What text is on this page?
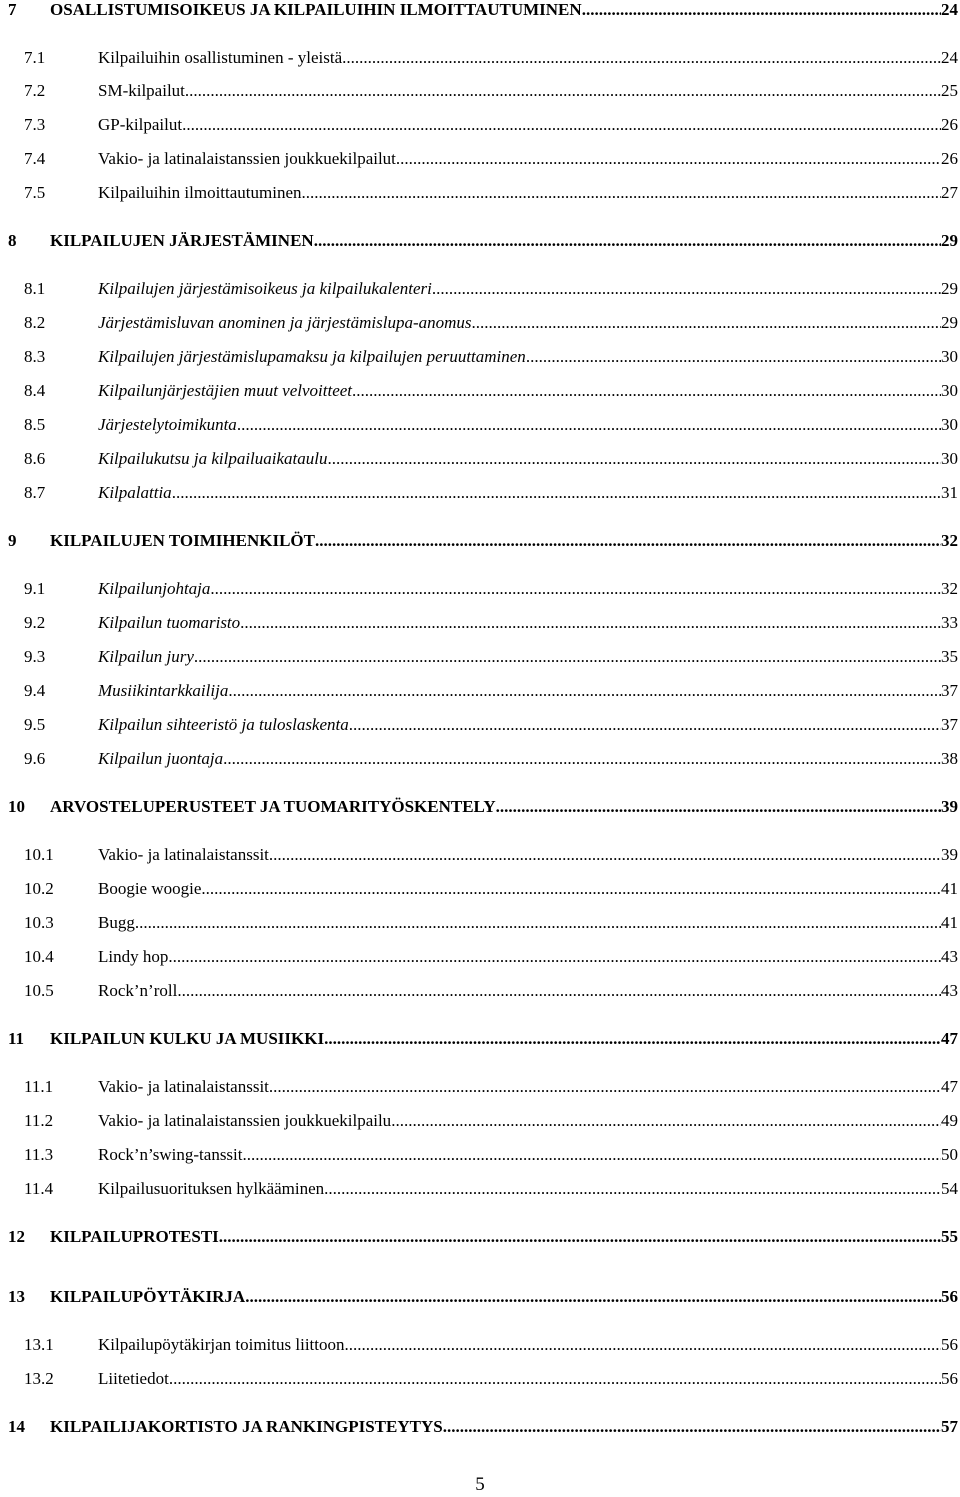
7	OSALLISTUMISOIKEUS JA KILPAILUIHIN ILMOITTAUTUMINEN .....	24
7.1	Kilpailuihin osallistuminen - yleistä .....	24
7.2	SM-kilpailut .....	25
7.3	GP-kilpailut .....	26
7.4	Vakio- ja latinalaistanssien joukkuekilpailut .....	26
7.5	Kilpailuihin ilmoittautuminen .....	27
8	KILPAILUJEN JÄRJESTÄMINEN .....	29
8.1	Kilpailujen järjestämisoikeus ja kilpailukalenteri .....	29
8.2	Järjestämisluvan anominen ja järjestämislupa-anomus .....	29
8.3	Kilpailujen järjestämislupamaksu ja kilpailujen peruuttaminen .....	30
8.4	Kilpailunjärjestäjien muut velvoitteet .....	30
8.5	Järjestelytoimikunta .....	30
8.6	Kilpailukutsu ja kilpailuaikataulu .....	30
8.7	Kilpalattia .....	31
9	KILPAILUJEN TOIMIHENKILÖT .....	32
9.1	Kilpailunjohtaja .....	32
9.2	Kilpailun tuomaristo .....	33
9.3	Kilpailun jury .....	35
9.4	Musiikintarkkailija .....	37
9.5	Kilpailun sihteeristö ja tuloslaskenta .....	37
9.6	Kilpailun juontaja .....	38
10	ARVOSTELUPERUSTEET JA TUOMARITYÖSKENTELY .....	39
10.1	Vakio- ja latinalaistanssit .....	39
10.2	Boogie woogie .....	41
10.3	Bugg .....	41
10.4	Lindy hop .....	43
10.5	Rock’n’roll .....	43
11	KILPAILUN KULKU JA MUSIIKKI .....	47
11.1	Vakio- ja latinalaistanssit .....	47
11.2	Vakio- ja latinalaistanssien joukkuekilpailu .....	49
11.3	Rock’n’swing-tanssit .....	50
11.4	Kilpailusuorituksen hylkääminen .....	54
12	KILPAILUPROTESTI .....	55
13	KILPAILUPÖYTÄKIRJA .....	56
13.1	Kilpailupöytäkirjan toimitus liittoon .....	56
13.2	Liitetiedot .....	56
14	KILPAILIJAKORTISTO JA RANKINGPISTEYTYS .....	57
5
